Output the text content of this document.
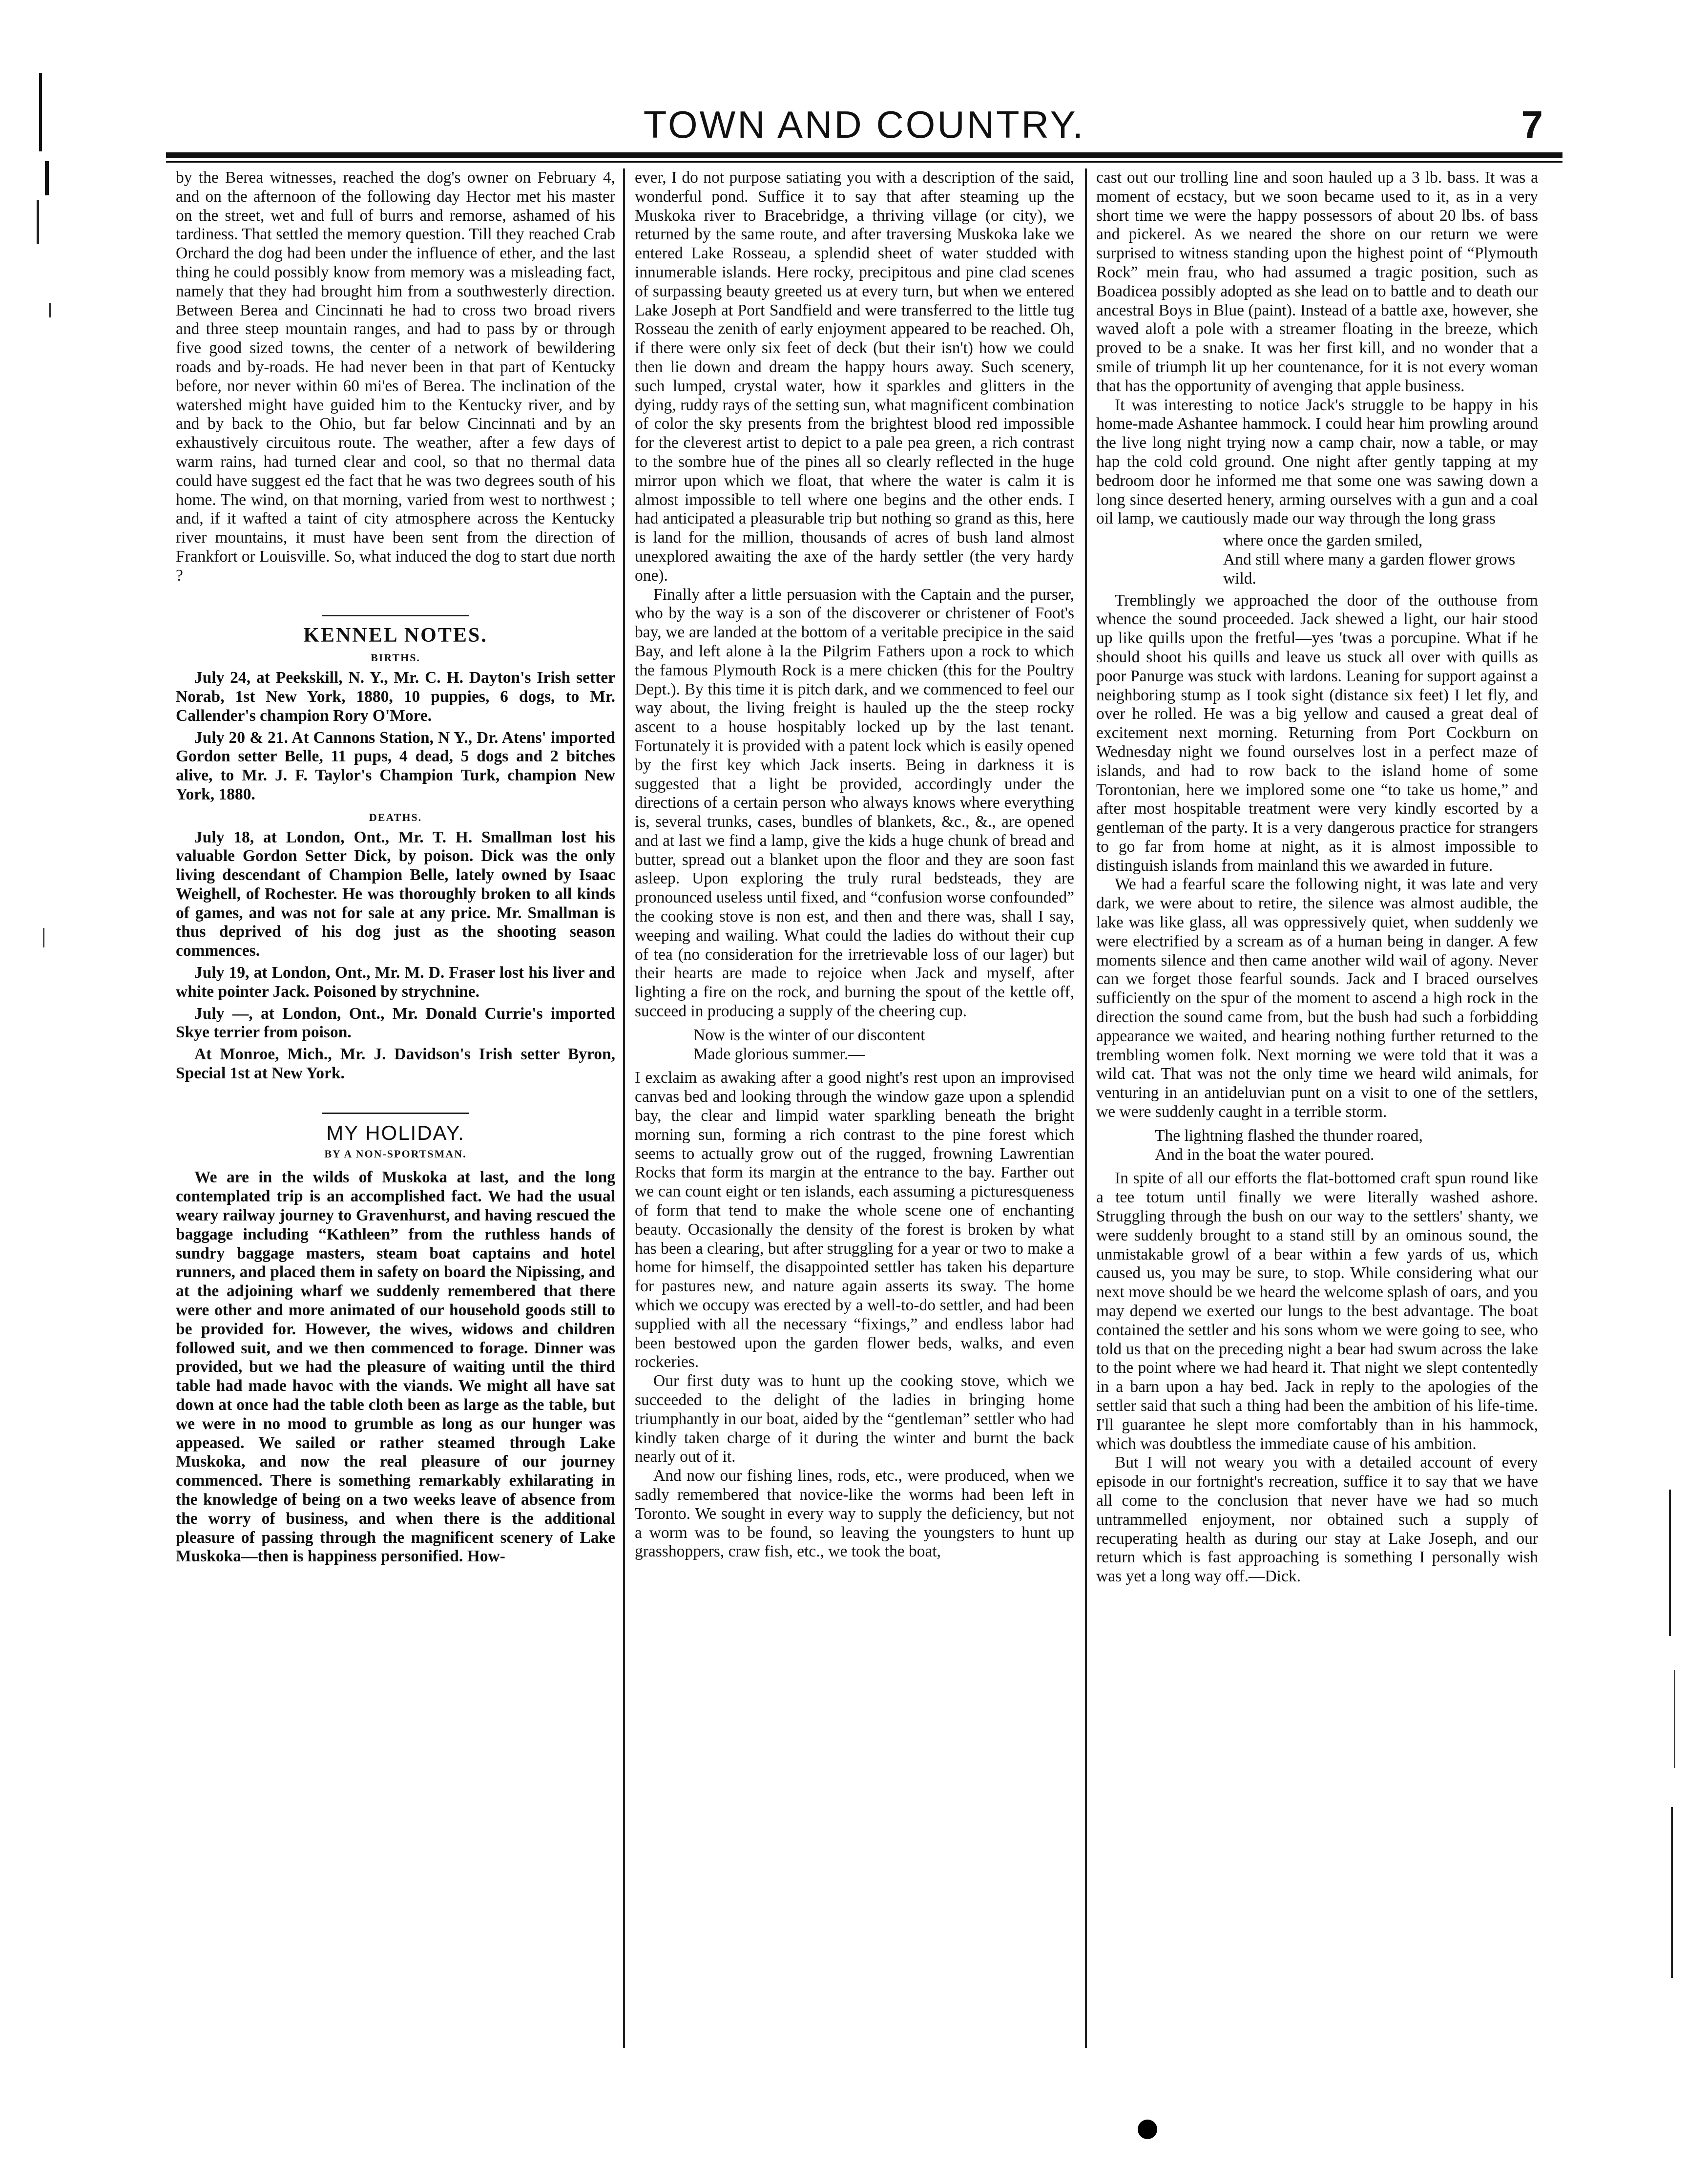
TOWN AND COUNTRY.	7

by the Berea witnesses, reached the dog's owner on February 4, and on the afternoon of the following day Hector met his master on the street, wet and full of burrs and remorse, ashamed of his tardiness. That settled the memory question. Till they reached Crab Orchard the dog had been under the influence of ether, and the last thing he could possibly know from memory was a misleading fact, namely that they had brought him from a southwesterly direction. Between Berea and Cincinnati he had to cross two broad rivers and three steep mountain ranges, and had to pass by or through five good sized towns, the center of a network of bewildering roads and by-roads. He had never been in that part of Kentucky before, nor never within 60 mi'es of Berea. The inclination of the watershed might have guided him to the Kentucky river, and by and by back to the Ohio, but far below Cincinnati and by an exhaustively circuitous route. The weather, after a few days of warm rains, had turned clear and cool, so that no thermal data could have suggest ed the fact that he was two degrees south of his home. The wind, on that morning, varied from west to northwest ; and, if it wafted a taint of city atmosphere across the Kentucky river mountains, it must have been sent from the direction of Frankfort or Louisville. So, what induced the dog to start due north ?

KENNEL NOTES.
BIRTHS.

July 24, at Peekskill, N. Y., Mr. C. H. Dayton's Irish setter Norab, 1st New York, 1880, 10 puppies, 6 dogs, to Mr. Callender's champion Rory O'More.

July 20 & 21. At Cannons Station, N Y., Dr. Atens' imported Gordon setter Belle, 11 pups, 4 dead, 5 dogs and 2 bitches alive, to Mr. J. F. Taylor's Champion Turk, champion New York, 1880.

DEATHS.

July 18, at London, Ont., Mr. T. H. Smallman lost his valuable Gordon Setter Dick, by poison. Dick was the only living descendant of Champion Belle, lately owned by Isaac Weighell, of Rochester. He was thoroughly broken to all kinds of games, and was not for sale at any price. Mr. Smallman is thus deprived of his dog just as the shooting season commences.

July 19, at London, Ont., Mr. M. D. Fraser lost his liver and white pointer Jack. Poisoned by strychnine.

July —, at London, Ont., Mr. Donald Currie's imported Skye terrier from poison.

At Monroe, Mich., Mr. J. Davidson's Irish setter Byron, Special 1st at New York.

MY HOLIDAY.
BY A NON-SPORTSMAN.

We are in the wilds of Muskoka at last, and the long contemplated trip is an accomplished fact. We had the usual weary railway journey to Gravenhurst, and having rescued the baggage including “Kathleen” from the ruthless hands of sundry baggage masters, steam boat captains and hotel runners, and placed them in safety on board the Nipissing, and at the adjoining wharf we suddenly remembered that there were other and more animated of our household goods still to be provided for. However, the wives, widows and children followed suit, and we then commenced to forage. Dinner was provided, but we had the pleasure of waiting until the third table had made havoc with the viands. We might all have sat down at once had the table cloth been as large as the table, but we were in no mood to grumble as long as our hunger was appeased. We sailed or rather steamed through Lake Muskoka, and now the real pleasure of our journey commenced. There is something remarkably exhilarating in the knowledge of being on a two weeks leave of absence from the worry of business, and when there is the additional pleasure of passing through the magnificent scenery of Lake Muskoka—then is happiness personified. How-

ever, I do not purpose satiating you with a description of the said, wonderful pond. Suffice it to say that after steaming up the Muskoka river to Bracebridge, a thriving village (or city), we returned by the same route, and after traversing Muskoka lake we entered Lake Rosseau, a splendid sheet of water studded with innumerable islands. Here rocky, precipitous and pine clad scenes of surpassing beauty greeted us at every turn, but when we entered Lake Joseph at Port Sandfield and were transferred to the little tug Rosseau the zenith of early enjoyment appeared to be reached. Oh, if there were only six feet of deck (but their isn't) how we could then lie down and dream the happy hours away. Such scenery, such lumped, crystal water, how it sparkles and glitters in the dying, ruddy rays of the setting sun, what magnificent combination of color the sky presents from the brightest blood red impossible for the cleverest artist to depict to a pale pea green, a rich contrast to the sombre hue of the pines all so clearly reflected in the huge mirror upon which we float, that where the water is calm it is almost impossible to tell where one begins and the other ends. I had anticipated a pleasurable trip but nothing so grand as this, here is land for the million, thousands of acres of bush land almost unexplored awaiting the axe of the hardy settler (the very hardy one).

Finally after a little persuasion with the Captain and the purser, who by the way is a son of the discoverer or christener of Foot's bay, we are landed at the bottom of a veritable precipice in the said Bay, and left alone à la the Pilgrim Fathers upon a rock to which the famous Plymouth Rock is a mere chicken (this for the Poultry Dept.). By this time it is pitch dark, and we commenced to feel our way about, the living freight is hauled up the the steep rocky ascent to a house hospitably locked up by the last tenant. Fortunately it is provided with a patent lock which is easily opened by the first key which Jack inserts. Being in darkness it is suggested that a light be provided, accordingly under the directions of a certain person who always knows where everything is, several trunks, cases, bundles of blankets, &c., &., are opened and at last we find a lamp, give the kids a huge chunk of bread and butter, spread out a blanket upon the floor and they are soon fast asleep. Upon exploring the truly rural bedsteads, they are pronounced useless until fixed, and “confusion worse confounded” the cooking stove is non est, and then and there was, shall I say, weeping and wailing. What could the ladies do without their cup of tea (no consideration for the irretrievable loss of our lager) but their hearts are made to rejoice when Jack and myself, after lighting a fire on the rock, and burning the spout of the kettle off, succeed in producing a supply of the cheering cup.

Now is the winter of our discontent
Made glorious summer.—

I exclaim as awaking after a good night's rest upon an improvised canvas bed and looking through the window gaze upon a splendid bay, the clear and limpid water sparkling beneath the bright morning sun, forming a rich contrast to the pine forest which seems to actually grow out of the rugged, frowning Lawrentian Rocks that form its margin at the entrance to the bay. Farther out we can count eight or ten islands, each assuming a picturesqueness of form that tend to make the whole scene one of enchanting beauty. Occasionally the density of the forest is broken by what has been a clearing, but after struggling for a year or two to make a home for himself, the disappointed settler has taken his departure for pastures new, and nature again asserts its sway. The home which we occupy was erected by a well-to-do settler, and had been supplied with all the necessary “fixings,” and endless labor had been bestowed upon the garden flower beds, walks, and even rockeries.

Our first duty was to hunt up the cooking stove, which we succeeded to the delight of the ladies in bringing home triumphantly in our boat, aided by the “gentleman” settler who had kindly taken charge of it during the winter and burnt the back nearly out of it.

And now our fishing lines, rods, etc., were produced, when we sadly remembered that novice-like the worms had been left in Toronto. We sought in every way to supply the deficiency, but not a worm was to be found, so leaving the youngsters to hunt up grasshoppers, craw fish, etc., we took the boat,

cast out our trolling line and soon hauled up a 3 lb. bass. It was a moment of ecstacy, but we soon became used to it, as in a very short time we were the happy possessors of about 20 lbs. of bass and pickerel. As we neared the shore on our return we were surprised to witness standing upon the highest point of “Plymouth Rock” mein frau, who had assumed a tragic position, such as Boadicea possibly adopted as she lead on to battle and to death our ancestral Boys in Blue (paint). Instead of a battle axe, however, she waved aloft a pole with a streamer floating in the breeze, which proved to be a snake. It was her first kill, and no wonder that a smile of triumph lit up her countenance, for it is not every woman that has the opportunity of avenging that apple business.

It was interesting to notice Jack's struggle to be happy in his home-made Ashantee hammock. I could hear him prowling around the live long night trying now a camp chair, now a table, or may hap the cold cold ground. One night after gently tapping at my bedroom door he informed me that some one was sawing down a long since deserted henery, arming ourselves with a gun and a coal oil lamp, we cautiously made our way through the long grass

where once the garden smiled,
And still where many a garden flower grows wild.

Tremblingly we approached the door of the outhouse from whence the sound proceeded. Jack shewed a light, our hair stood up like quills upon the fretful—yes 'twas a porcupine. What if he should shoot his quills and leave us stuck all over with quills as poor Panurge was stuck with lardons. Leaning for support against a neighboring stump as I took sight (distance six feet) I let fly, and over he rolled. He was a big yellow and caused a great deal of excitement next morning. Returning from Port Cockburn on Wednesday night we found ourselves lost in a perfect maze of islands, and had to row back to the island home of some Torontonian, here we implored some one “to take us home,” and after most hospitable treatment were very kindly escorted by a gentleman of the party. It is a very dangerous practice for strangers to go far from home at night, as it is almost impossible to distinguish islands from mainland this we awarded in future.

We had a fearful scare the following night, it was late and very dark, we were about to retire, the silence was almost audible, the lake was like glass, all was oppressively quiet, when suddenly we were electrified by a scream as of a human being in danger. A few moments silence and then came another wild wail of agony. Never can we forget those fearful sounds. Jack and I braced ourselves sufficiently on the spur of the moment to ascend a high rock in the direction the sound came from, but the bush had such a forbidding appearance we waited, and hearing nothing further returned to the trembling women folk. Next morning we were told that it was a wild cat. That was not the only time we heard wild animals, for venturing in an antideluvian punt on a visit to one of the settlers, we were suddenly caught in a terrible storm.

The lightning flashed the thunder roared,
And in the boat the water poured.

In spite of all our efforts the flat-bottomed craft spun round like a tee totum until finally we were literally washed ashore. Struggling through the bush on our way to the settlers' shanty, we were suddenly brought to a stand still by an ominous sound, the unmistakable growl of a bear within a few yards of us, which caused us, you may be sure, to stop. While considering what our next move should be we heard the welcome splash of oars, and you may depend we exerted our lungs to the best advantage. The boat contained the settler and his sons whom we were going to see, who told us that on the preceding night a bear had swum across the lake to the point where we had heard it. That night we slept contentedly in a barn upon a hay bed. Jack in reply to the apologies of the settler said that such a thing had been the ambition of his life-time. I'll guarantee he slept more comfortably than in his hammock, which was doubtless the immediate cause of his ambition.

But I will not weary you with a detailed account of every episode in our fortnight's recreation, suffice it to say that we have all come to the conclusion that never have we had so much untrammelled enjoyment, nor obtained such a supply of recuperating health as during our stay at Lake Joseph, and our return which is fast approaching is something I personally wish was yet a long way off.—Dick.
